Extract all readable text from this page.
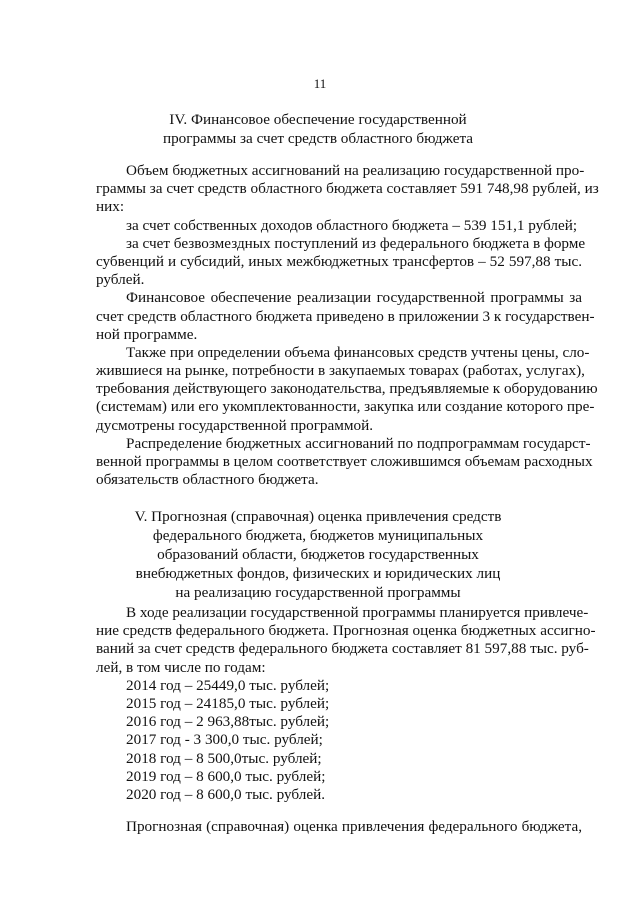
11
IV. Финансовое обеспечение государственной
программы за счет средств областного бюджета
Объем бюджетных ассигнований на реализацию государственной про-
граммы за счет средств областного бюджета составляет 591 748,98 рублей, из
них:
за счет собственных доходов областного бюджета – 539 151,1 рублей;
за счет безвозмездных поступлений из федерального бюджета в форме
субвенций и субсидий, иных межбюджетных трансфертов – 52 597,88 тыс.
рублей.
Финансовое обеспечение реализации государственной программы за
счет средств областного бюджета приведено в приложении 3 к государствен-
ной программе.
Также при определении объема финансовых средств учтены цены, сло-
жившиеся на рынке, потребности в закупаемых товарах (работах, услугах),
требования действующего законодательства, предъявляемые к оборудованию
(системам) или его укомплектованности, закупка или создание которого пре-
дусмотрены государственной программой.
Распределение бюджетных ассигнований по подпрограммам государст-
венной программы в целом соответствует сложившимся объемам расходных
обязательств областного бюджета.
V. Прогнозная (справочная) оценка привлечения средств
федерального бюджета, бюджетов муниципальных
образований области, бюджетов государственных
внебюджетных фондов, физических и юридических лиц
на реализацию государственной программы
В ходе реализации государственной программы планируется привлече-
ние средств федерального бюджета. Прогнозная оценка бюджетных ассигно-
ваний за счет средств федерального бюджета составляет 81 597,88 тыс. руб-
лей, в том числе по годам:
2014 год – 25449,0 тыс. рублей;
2015 год – 24185,0 тыс. рублей;
2016 год – 2 963,88тыс. рублей;
2017 год - 3 300,0 тыс. рублей;
2018 год – 8 500,0тыс. рублей;
2019 год – 8 600,0 тыс. рублей;
2020 год – 8 600,0 тыс. рублей.
Прогнозная (справочная) оценка привлечения федерального бюджета,
